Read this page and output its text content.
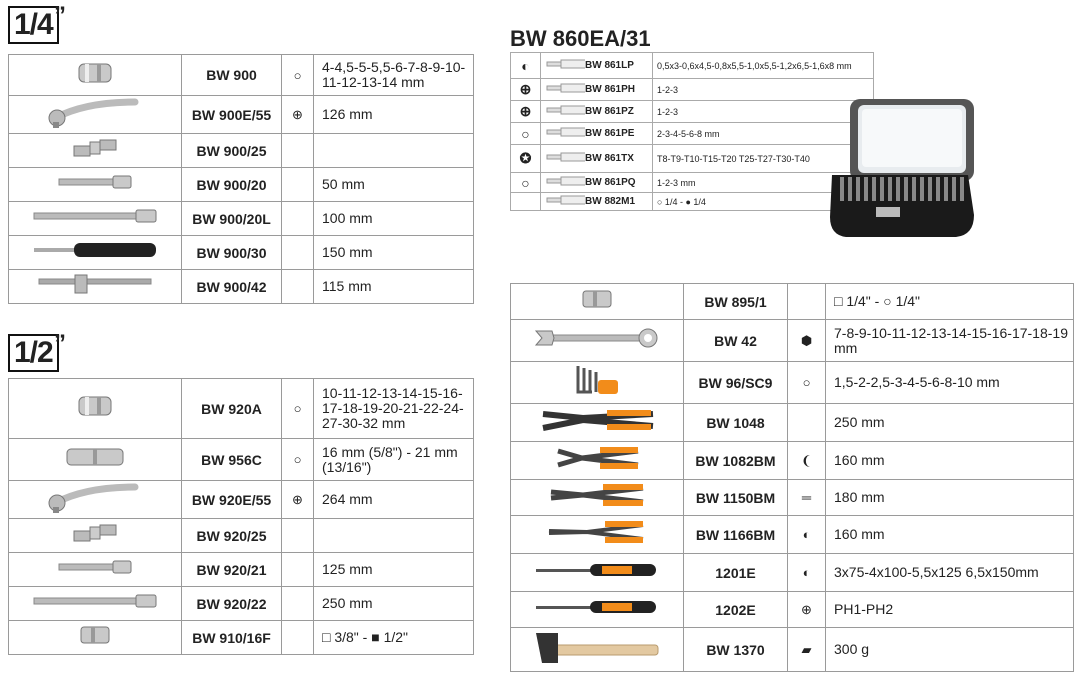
1/4 ”
1/2 ”
BW 860EA/31
	BW 900	○	4-4,5-5-5,5-6-7-8-9-10-11-12-13-14 mm
	BW 900E/55	⊕	126 mm
	BW 900/25		
	BW 900/20		50 mm
	BW 900/20L		100 mm
	BW 900/30		150 mm
	BW 900/42		115 mm
	BW 920A	○	10-11-12-13-14-15-16-17-18-19-20-21-22-24-27-30-32 mm
	BW 956C	○	16 mm (5/8") - 21 mm (13/16")
	BW 920E/55	⊕	264 mm
	BW 920/25		
	BW 920/21		125 mm
	BW 920/22		250 mm
	BW 910/16F		□ 3/8" - ■ 1/2"
◐	BW 861LP	0,5x3-0,6x4,5-0,8x5,5-1,0x5,5-1,2x6,5-1,6x8 mm
⊕	BW 861PH	1-2-3
⊕	BW 861PZ	1-2-3
○	BW 861PE	2-3-4-5-6-8 mm
✪	BW 861TX	T8-T9-T10-T15-T20 T25-T27-T30-T40
○	BW 861PQ	1-2-3 mm
	BW 882M1	○ 1/4 - ● 1/4
	BW 895/1		□ 1/4" - ○ 1/4"
	BW 42	⬢	7-8-9-10-11-12-13-14-15-16-17-18-19 mm
	BW 96/SC9	○	1,5-2-2,5-3-4-5-6-8-10 mm
	BW 1048		250 mm
	BW 1082BM	❨	160 mm
	BW 1150BM	═	180 mm
	BW 1166BM	◐	160 mm
	1201E	◐	3x75-4x100-5,5x125 6,5x150mm
	1202E	⊕	PH1-PH2
	BW 1370	▰	300 g
